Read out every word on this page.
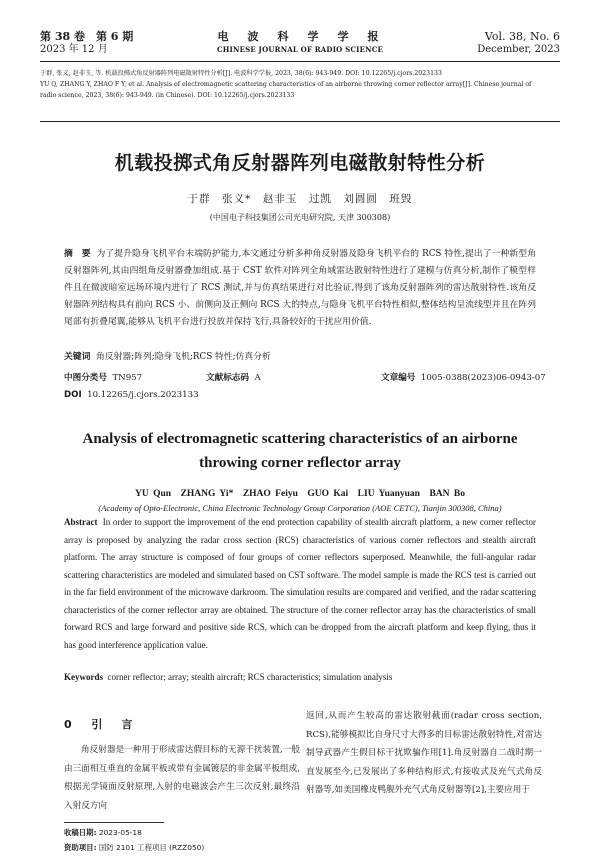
第 38 卷　第 6 期
2023 年 12 月
电　波　科　学　学　报
CHINESE JOURNAL OF RADIO SCIENCE
Vol. 38, No. 6
December, 2023

于群, 张义, 赵非玉, 等. 机载投掷式角反射器阵列电磁散射特性分析[J]. 电波科学学报, 2023, 38(6): 943-949. DOI: 10.12265/j.cjors.2023133

YU Q, ZHANG Y, ZHAO F Y, et al. Analysis of electromagnetic scattering characteristics of an airborne throwing corner reflector array[J]. Chinese journal of

radio science, 2023, 38(6): 943-949. (in Chinese). DOI: 10.12265/j.cjors.2023133

机载投掷式角反射器阵列电磁散射特性分析
于群　张义*　赵非玉　过凯　刘圆圆　班毁
(中国电子科技集团公司光电研究院, 天津 300308)
摘　要 为了提升隐身飞机平台末端防护能力,本文通过分析多种角反射器及隐身飞机平台的 RCS 特性,提出了一种新型角反射器阵列,其由四组角反射器叠加组成.基于 CST 软件对阵列全角域雷达散射特性进行了建模与仿真分析,制作了模型样件且在微波暗室远场环境内进行了 RCS 测试,并与仿真结果进行对比验证,得到了该角反射器阵列的雷达散射特性.该角反射器阵列结构具有前向 RCS 小、前侧向及正侧向 RCS 大的特点,与隐身飞机平台特性相似,整体结构呈流线型并且在阵列尾部有折叠尾翼,能够从飞机平台进行投放并保持飞行,具备较好的干扰应用价值.
关键词 角反射器;阵列;隐身飞机;RCS 特性;仿真分析
中图分类号 TN957	文献标志码 A	文章编号 1005-0388(2023)06-0943-07
DOI 10.12265/j.cjors.2023133
Analysis of electromagnetic scattering characteristics of an airborne throwing corner reflector array
YU Qun　ZHANG Yi*　ZHAO Feiyu　GUO Kai　LIU Yuanyuan　BAN Bo
(Academy of Opto-Electronic, China Electronic Technology Group Corporation (AOE CETC), Tianjin 300308, China)
Abstract In order to support the improvement of the end protection capability of stealth aircraft platform, a new corner reflector array is proposed by analyzing the radar cross section (RCS) characteristics of various corner reflectors and stealth aircraft platform. The array structure is composed of four groups of corner reflectors superposed. Meanwhile, the full-angular radar scattering characteristics are modeled and simulated based on CST software. The model sample is made the RCS test is carried out in the far field environment of the microwave darkroom. The simulation results are compared and verified, and the radar scattering characteristics of the corner reflector array are obtained. The structure of the corner reflector array has the characteristics of small forward RCS and large forward and positive side RCS, which can be dropped from the aircraft platform and keep flying, thus it has good interference application value.
Keywords corner reflector; array; stealth aircraft; RCS characteristics; simulation analysis
0 引　言
角反射器是一种用于形成雷达假目标的无源干扰装置,一般由三面相互垂直的金属平板或带有金属镀层的非金属平板组成,根据光学镜面反射原理,入射的电磁波会产生三次反射,最终沿入射反方向
返回,从而产生较高的雷达散射截面(radar cross section, RCS),能够模拟比自身尺寸大得多的目标雷达散射特性,对雷达制导武器产生假目标干扰欺骗作用[1].角反射器自二战时期一直发展至今,已发展出了多种结构形式,有接收式及充气式角反射器等,如美国橡皮鸭舰外充气式角反射器等[2],主要应用于
收稿日期: 2023-05-18
资助项目: 国防 2101 工程项目 (RZZ050)
